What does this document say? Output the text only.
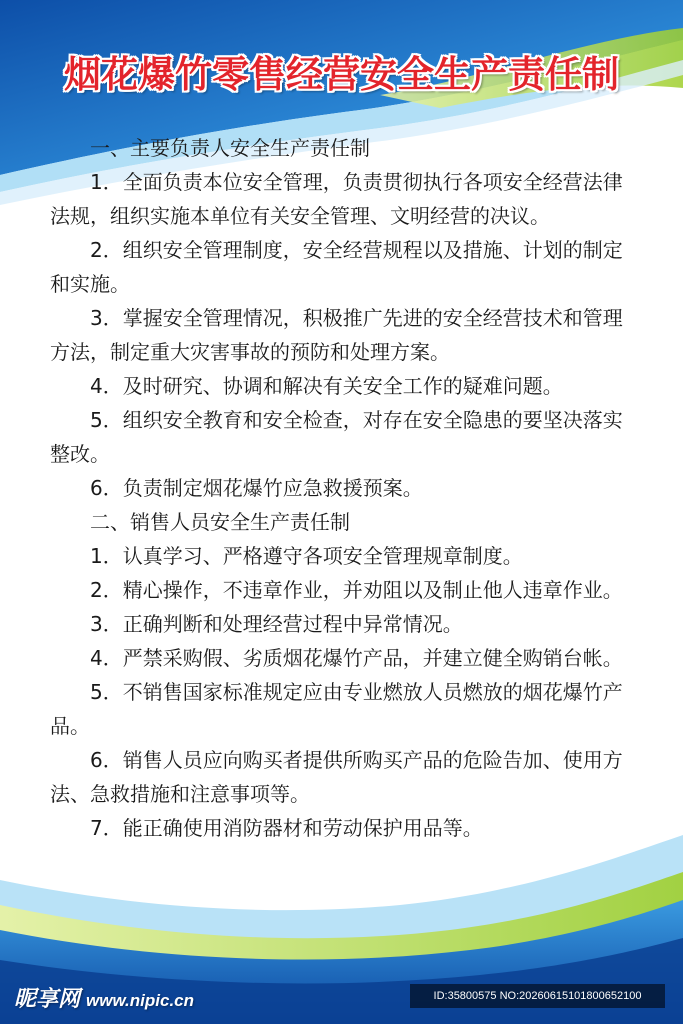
烟花爆竹零售经营安全生产责任制

一、主要负责人安全生产责任制

1．全面负责本位安全管理，负责贯彻执行各项安全经营法律法规，组织实施本单位有关安全管理、文明经营的决议。

2．组织安全管理制度，安全经营规程以及措施、计划的制定和实施。

3．掌握安全管理情况，积极推广先进的安全经营技术和管理方法，制定重大灾害事故的预防和处理方案。

4．及时研究、协调和解决有关安全工作的疑难问题。

5．组织安全教育和安全检查，对存在安全隐患的要坚决落实整改。

6．负责制定烟花爆竹应急救援预案。

二、销售人员安全生产责任制

1．认真学习、严格遵守各项安全管理规章制度。

2．精心操作，不违章作业，并劝阻以及制止他人违章作业。

3．正确判断和处理经营过程中异常情况。

4．严禁采购假、劣质烟花爆竹产品，并建立健全购销台帐。

5．不销售国家标准规定应由专业燃放人员燃放的烟花爆竹产品。

6．销售人员应向购买者提供所购买产品的危险告加、使用方法、急救措施和注意事项等。

7．能正确使用消防器材和劳动保护用品等。

昵享网 www.nipic.cn	ID:35800575 NO:20260615101800652100
